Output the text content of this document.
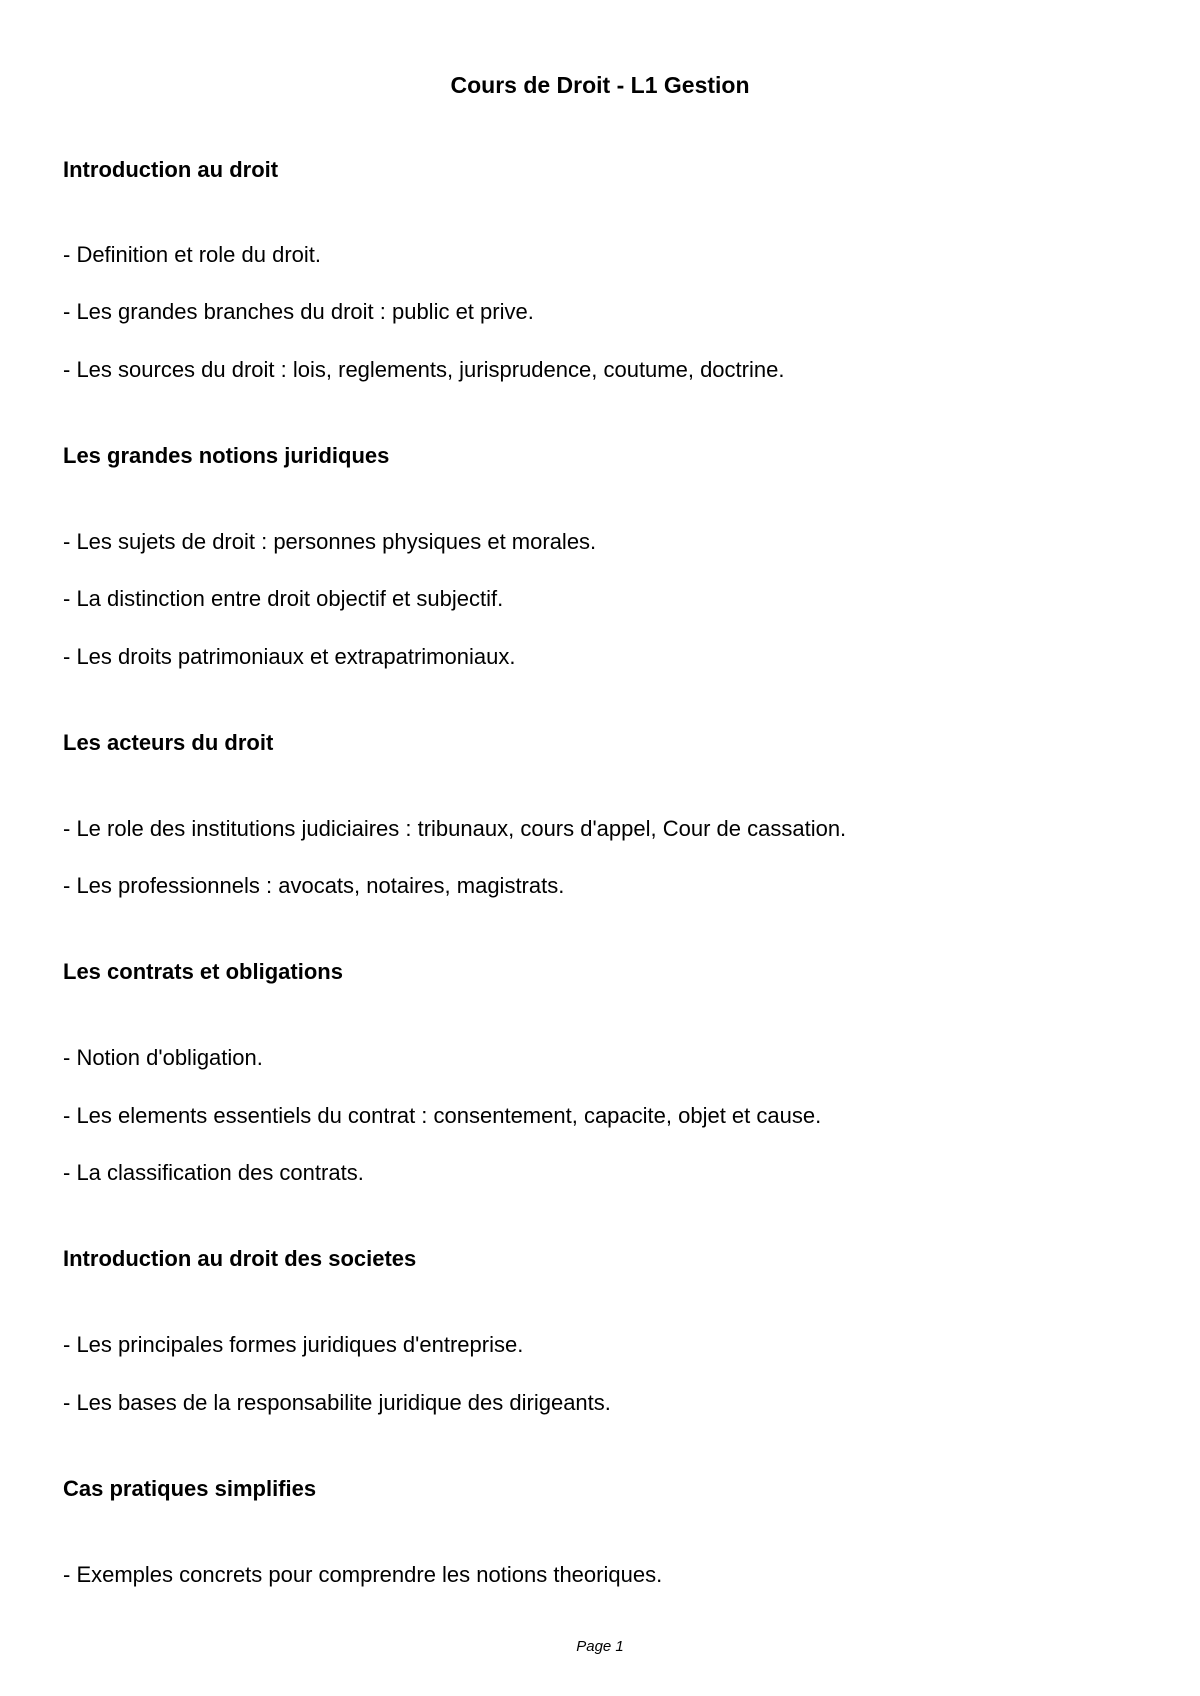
Cours de Droit - L1 Gestion
Introduction au droit

- Definition et role du droit.

- Les grandes branches du droit : public et prive.

- Les sources du droit : lois, reglements, jurisprudence, coutume, doctrine.

Les grandes notions juridiques

- Les sujets de droit : personnes physiques et morales.

- La distinction entre droit objectif et subjectif.

- Les droits patrimoniaux et extrapatrimoniaux.

Les acteurs du droit

- Le role des institutions judiciaires : tribunaux, cours d'appel, Cour de cassation.

- Les professionnels : avocats, notaires, magistrats.

Les contrats et obligations

- Notion d'obligation.

- Les elements essentiels du contrat : consentement, capacite, objet et cause.

- La classification des contrats.

Introduction au droit des societes

- Les principales formes juridiques d'entreprise.

- Les bases de la responsabilite juridique des dirigeants.

Cas pratiques simplifies

- Exemples concrets pour comprendre les notions theoriques.

Page 1
